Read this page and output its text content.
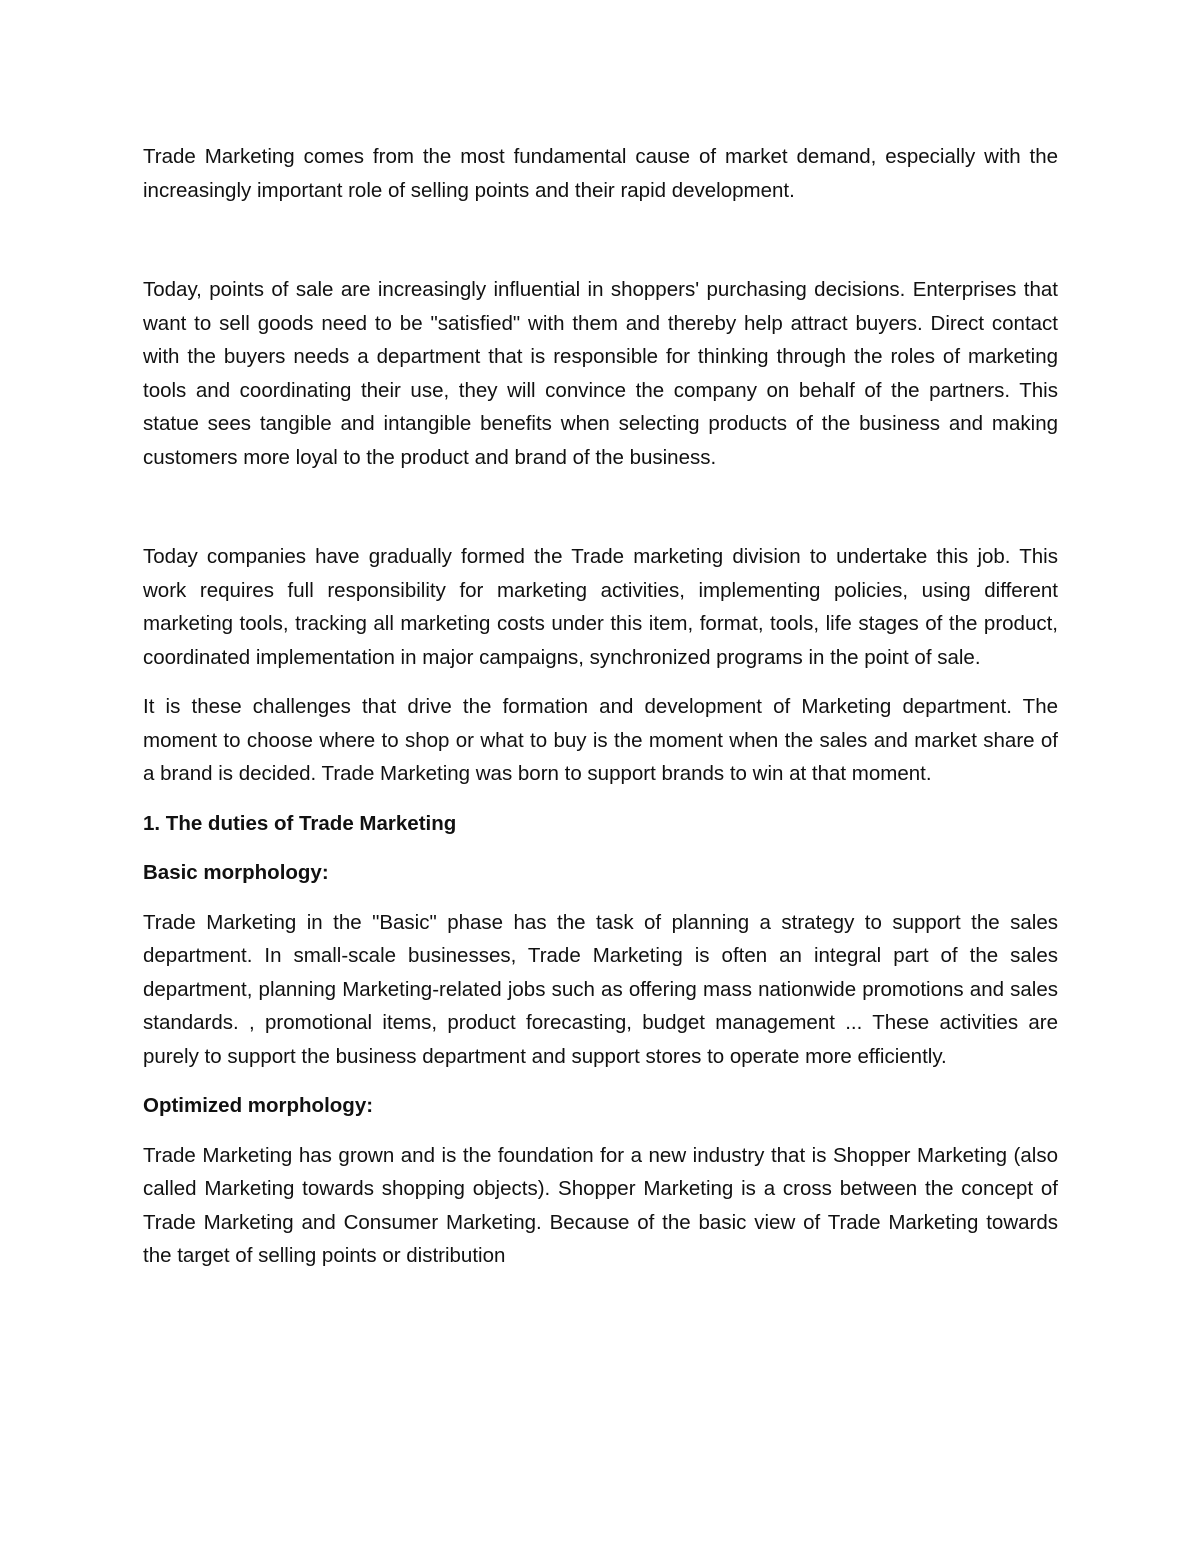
Trade Marketing comes from the most fundamental cause of market demand, especially with the increasingly important role of selling points and their rapid development.

Today, points of sale are increasingly influential in shoppers' purchasing decisions. Enterprises that want to sell goods need to be "satisfied" with them and thereby help attract buyers. Direct contact with the buyers needs a department that is responsible for thinking through the roles of marketing tools and coordinating their use, they will convince the company on behalf of the partners. This statue sees tangible and intangible benefits when selecting products of the business and making customers more loyal to the product and brand of the business.

Today companies have gradually formed the Trade marketing division to undertake this job. This work requires full responsibility for marketing activities, implementing policies, using different marketing tools, tracking all marketing costs under this item, format, tools, life stages of the product, coordinated implementation in major campaigns, synchronized programs in the point of sale.

It is these challenges that drive the formation and development of Marketing department. The moment to choose where to shop or what to buy is the moment when the sales and market share of a brand is decided. Trade Marketing was born to support brands to win at that moment.

1. The duties of Trade Marketing

Basic morphology:

Trade Marketing in the "Basic" phase has the task of planning a strategy to support the sales department. In small-scale businesses, Trade Marketing is often an integral part of the sales department, planning Marketing-related jobs such as offering mass nationwide promotions and sales standards. , promotional items, product forecasting, budget management ... These activities are purely to support the business department and support stores to operate more efficiently.

Optimized morphology:

Trade Marketing has grown and is the foundation for a new industry that is Shopper Marketing (also called Marketing towards shopping objects). Shopper Marketing is a cross between the concept of Trade Marketing and Consumer Marketing. Because of the basic view of Trade Marketing towards the target of selling points or distribution
